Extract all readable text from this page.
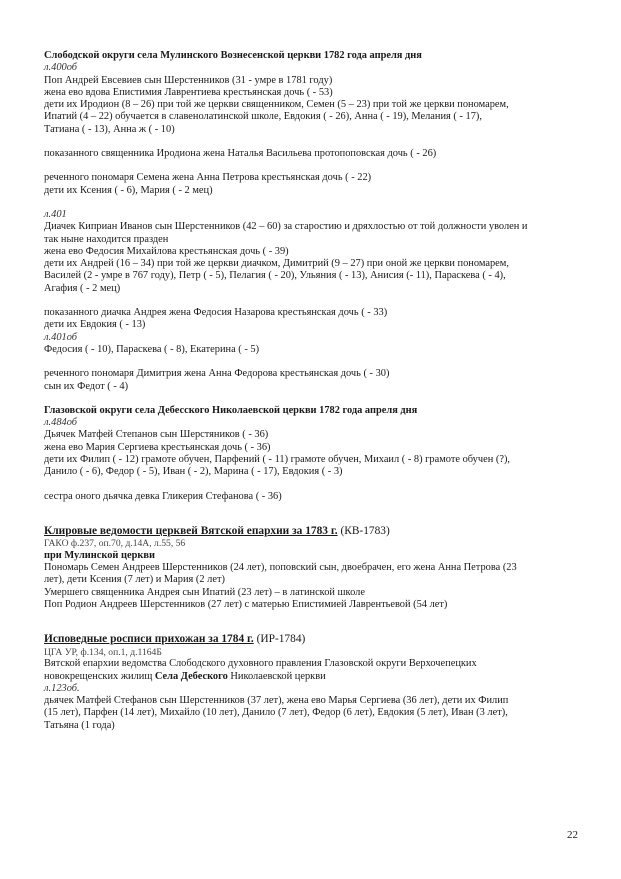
Слободской округи села Мулинского Вознесенской церкви 1782 года апреля дня
л.400об
Поп Андрей Евсевиев сын Шерстенников (31 - умре в 1781 году)
жена ево вдова Епистимия Лаврентиева крестьянская дочь ( - 53)
дети их Иродион (8 – 26) при той же церкви священником, Семен (5 – 23) при той же церкви пономарем,
Ипатий (4 – 22) обучается в славенолатинской школе, Евдокия ( - 26), Анна ( - 19), Мелания ( - 17),
Татиана ( - 13), Анна ж ( - 10)
показанного священника Иродиона жена Наталья Васильева протопоповская дочь ( - 26)
реченного пономаря Семена жена Анна Петрова крестьянская дочь ( - 22)
дети их Ксения ( - 6), Мария ( - 2 мец)
л.401
Диачек Киприан Иванов сын Шерстенников (42 – 60) за старостию и дряхлостью от той должности уволен и
так ныне находится празден
жена ево Федосия Михайлова крестьянская дочь ( - 39)
дети их Андрей (16 – 34) при той же церкви диачком, Димитрий (9 – 27) при оной же церкви пономарем,
Василей (2 - умре в 767 году), Петр ( - 5), Пелагия ( - 20), Ульяния ( - 13), Анисия (- 11), Параскева ( - 4),
Агафия ( - 2 мец)
показанного диачка Андрея жена Федосия Назарова крестьянская дочь ( - 33)
дети их Евдокия ( - 13)
л.401об
Федосия ( - 10), Параскева ( - 8), Екатерина ( - 5)
реченного пономаря Димитрия жена Анна Федорова крестьянская дочь ( - 30)
сын их Федот ( - 4)
Глазовской округи села Дебесского Николаевской церкви 1782 года апреля дня
л.484об
Дьячек Матфей Степанов сын Шерстяников ( - 36)
жена ево Мария Сергиева крестьянская дочь ( - 36)
дети их Филип ( - 12) грамоте обучен, Парфений ( - 11) грамоте обучен, Михаил ( - 8) грамоте обучен (?),
Данило ( - 6), Федор ( - 5), Иван ( - 2), Марина ( - 17), Евдокия ( - 3)
сестра оного дьячка девка Гликерия Стефанова ( - 36)
Клировые ведомости церквей Вятской епархии за 1783 г. (КВ-1783)
ГАКО ф.237, оп.70, д.14А, л.55, 56
при Мулинской церкви
Пономарь Семен Андреев Шерстенников (24 лет), поповский сын, двоебрачен, его жена Анна Петрова (23
лет), дети Ксения (7 лет) и Мария (2 лет)
Умершего священника Андрея сын Ипатий (23 лет) – в латинской школе
Поп Родион Андреев Шерстенников (27 лет) с матерью Епистимией Лаврентьевой (54 лет)
Исповедные росписи прихожан за 1784 г. (ИР-1784)
ЦГА УР, ф.134, оп.1, д.1164Б
Вятской епархии ведомства Слободского духовного правления Глазовской округи Верхочепецких
новокрещенских жилищ Села Дебеского Николаевской церкви
л.123об.
дьячек Матфей Стефанов сын Шерстенников (37 лет), жена ево Марья Сергиева (36 лет), дети их Филип
(15 лет), Парфен (14 лет), Михайло (10 лет), Данило (7 лет), Федор (6 лет), Евдокия (5 лет), Иван (3 лет),
Татьяна (1 года)
22
